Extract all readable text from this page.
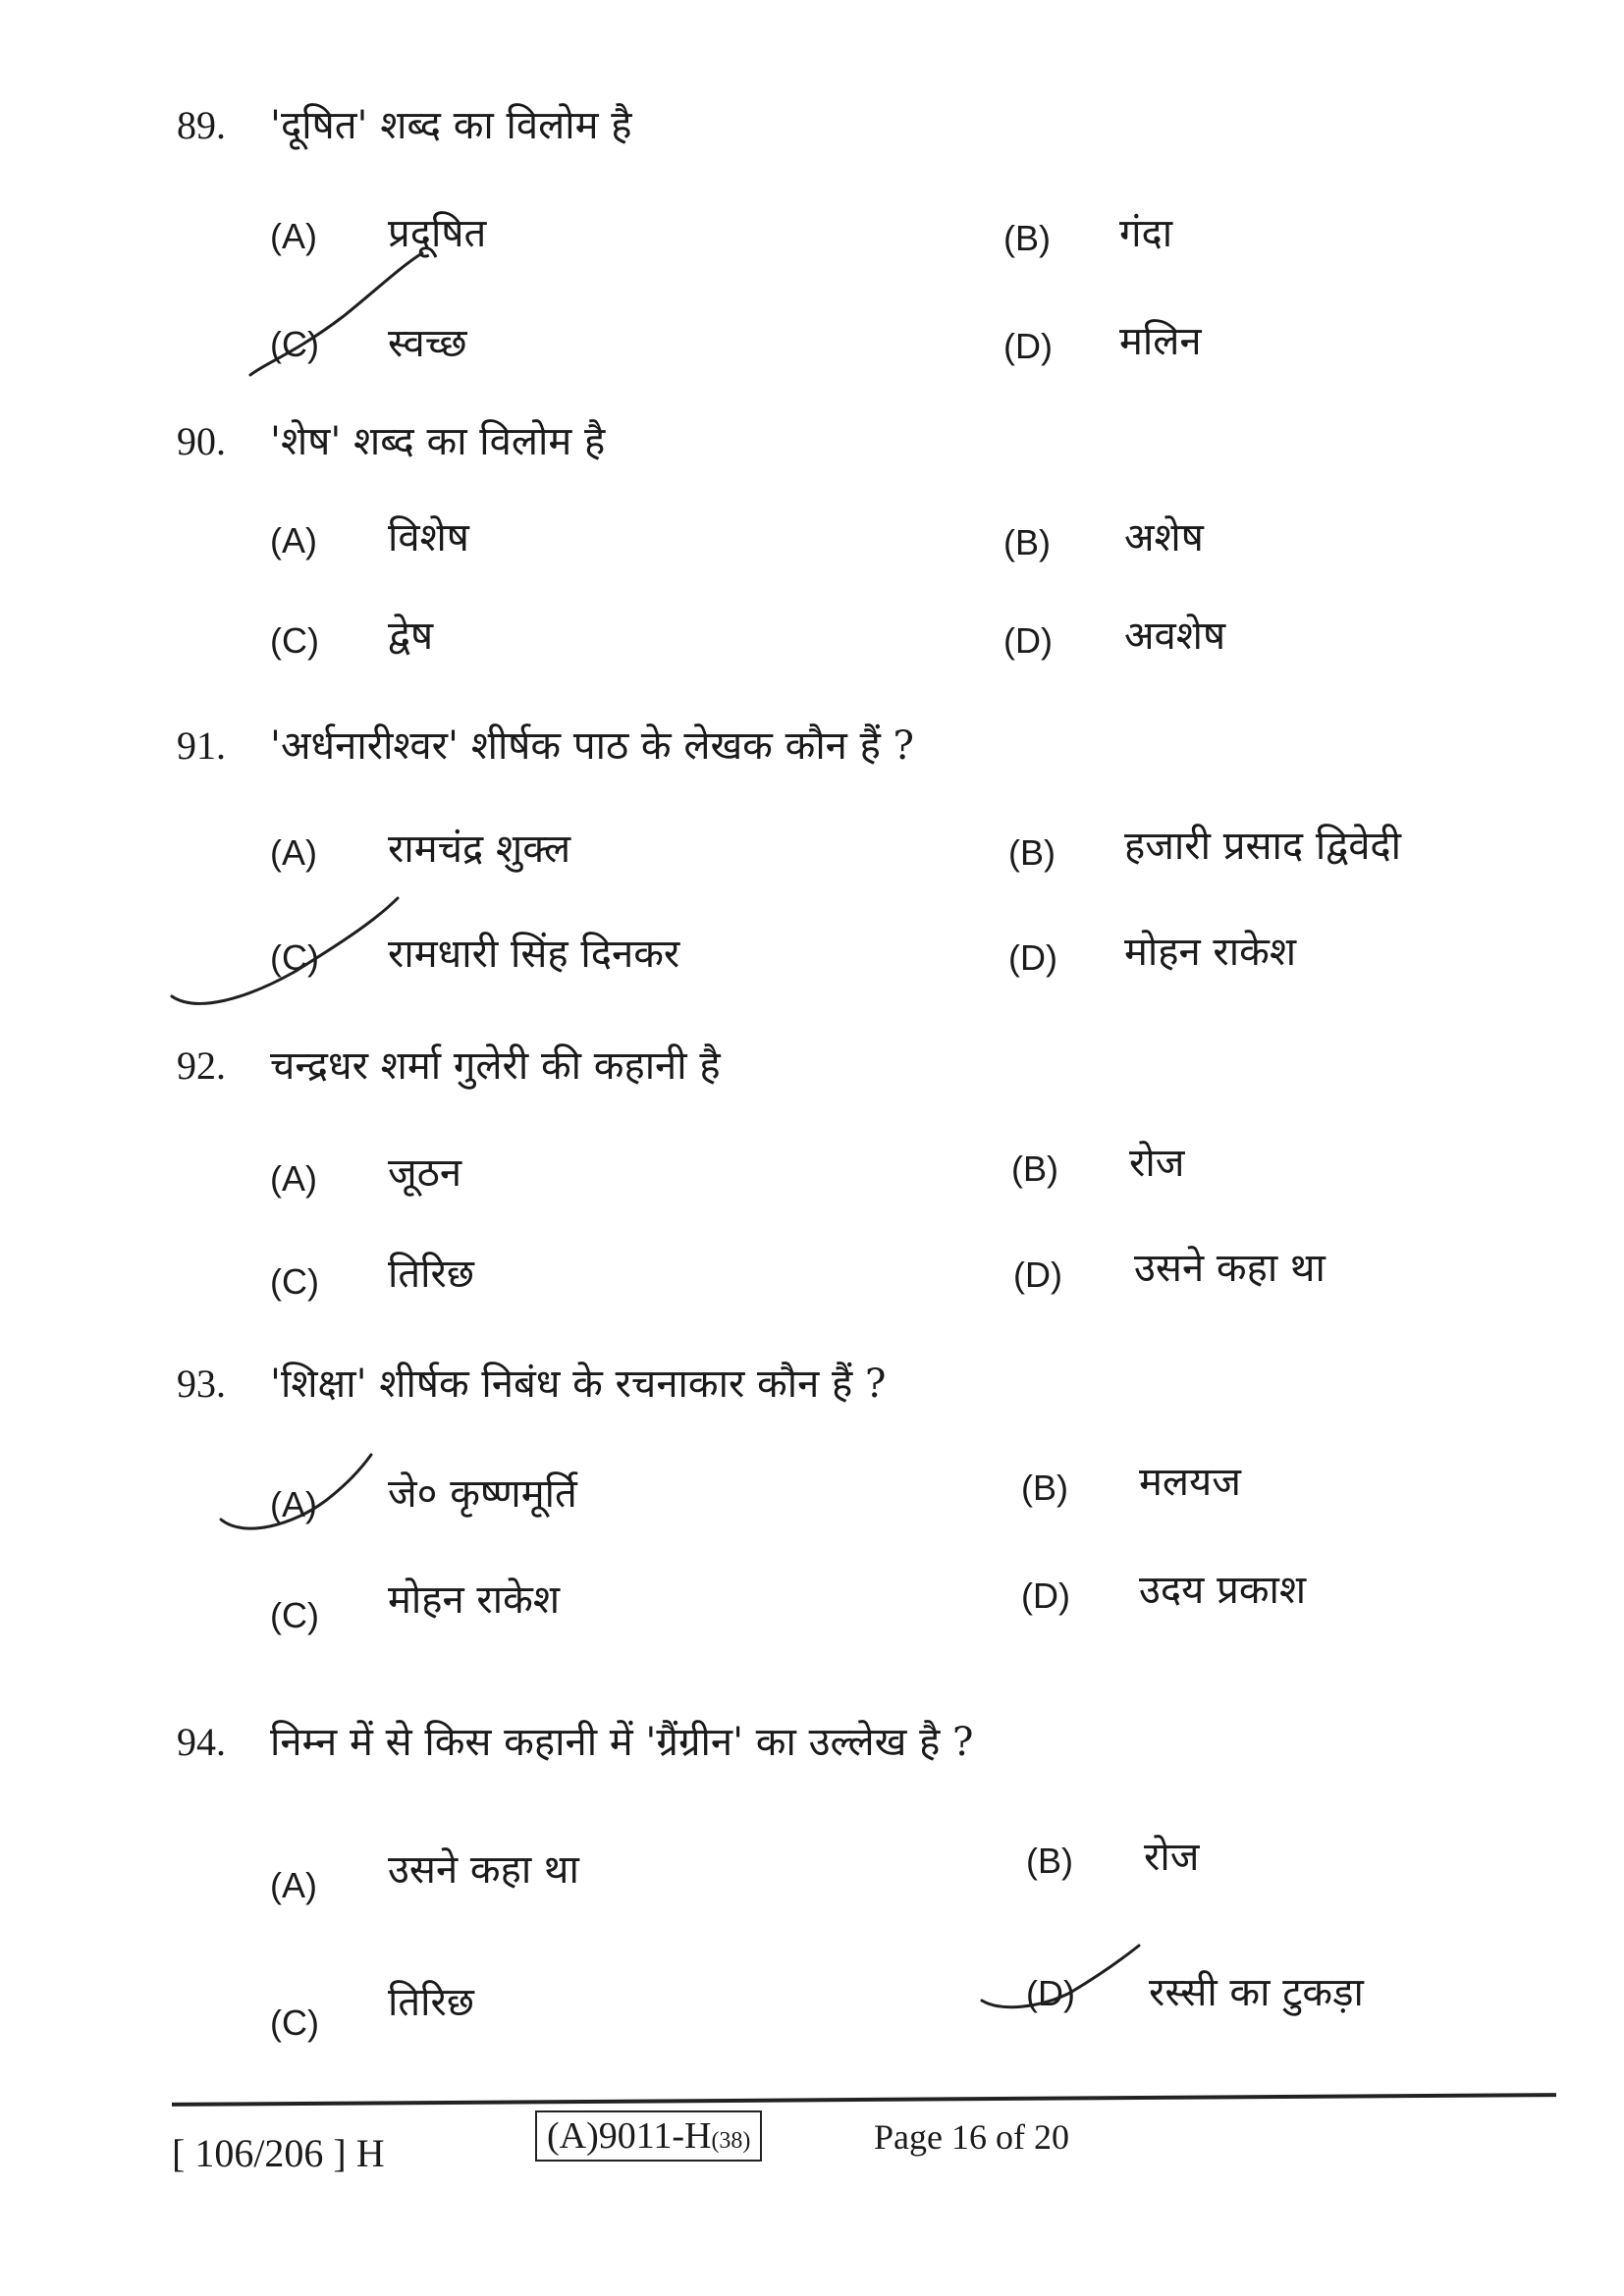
89. 'दूषित' शब्द का विलोम है
(A) प्रदूषित	(B) गंदा
(C) स्वच्छ	(D) मलिन
90. 'शेष' शब्द का विलोम है
(A) विशेष	(B) अशेष
(C) द्वेष	(D) अवशेष
91. 'अर्धनारीश्वर' शीर्षक पाठ के लेखक कौन हैं ?
(A) रामचंद्र शुक्ल	(B) हजारी प्रसाद द्विवेदी
(C) रामधारी सिंह दिनकर	(D) मोहन राकेश
92. चन्द्रधर शर्मा गुलेरी की कहानी है
(A) जूठन	(B) रोज
(C) तिरिछ	(D) उसने कहा था
93. 'शिक्षा' शीर्षक निबंध के रचनाकार कौन हैं ?
(A) जे० कृष्णमूर्ति	(B) मलयज
(C) मोहन राकेश	(D) उदय प्रकाश
94. निम्न में से किस कहानी में 'ग्रैंग्रीन' का उल्लेख है ?
(A) उसने कहा था	(B) रोज
(C) तिरिछ	(D) रस्सी का टुकड़ा
[ 106/206 ] H	(A)9011-H(38)	Page 16 of 20
